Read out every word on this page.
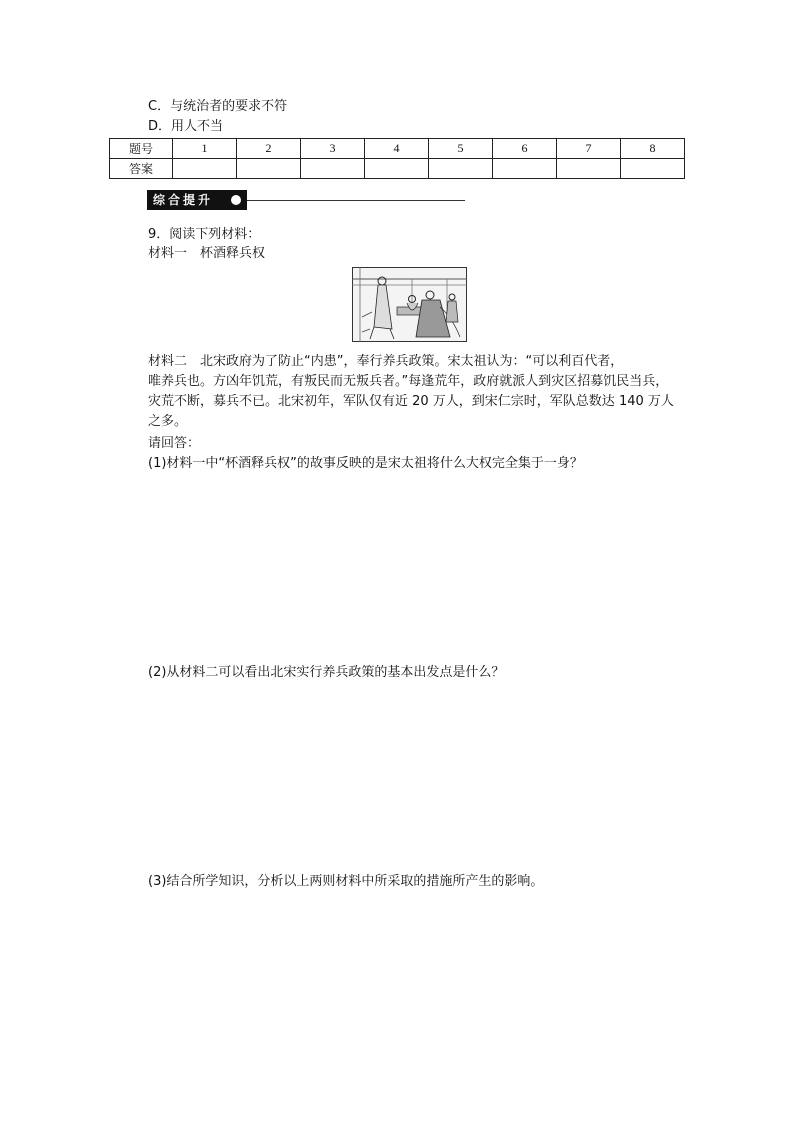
C．与统治者的要求不符
D．用人不当
题号	1	2	3	4	5	6	7	8
答案								
综合提升
9．阅读下列材料：
材料一　杯酒释兵权
材料二　北宋政府为了防止“内患”，奉行养兵政策。宋太祖认为：“可以利百代者，
唯养兵也。方凶年饥荒，有叛民而无叛兵者。”每逢荒年，政府就派人到灾区招募饥民当兵，
灾荒不断，募兵不已。北宋初年，军队仅有近 20 万人，到宋仁宗时，军队总数达 140 万人
之多。
请回答：
(1)材料一中“杯酒释兵权”的故事反映的是宋太祖将什么大权完全集于一身？
(2)从材料二可以看出北宋实行养兵政策的基本出发点是什么？
(3)结合所学知识，分析以上两则材料中所采取的措施所产生的影响。
